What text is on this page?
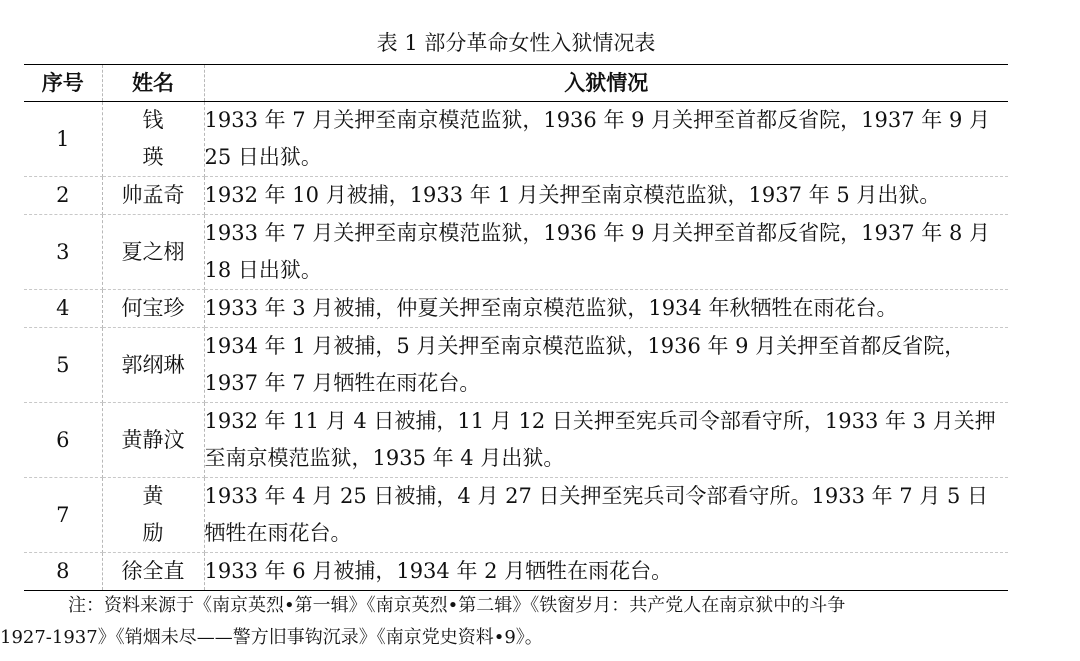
表 1 部分革命女性入狱情况表
序号	姓名	入狱情况
1	钱瑛	1933 年 7 月关押至南京模范监狱，1936 年 9 月关押至首都反省院，1937 年 9 月 25 日出狱。
2	帅孟奇	1932 年 10 月被捕，1933 年 1 月关押至南京模范监狱，1937 年 5 月出狱。
3	夏之栩	1933 年 7 月关押至南京模范监狱，1936 年 9 月关押至首都反省院，1937 年 8 月 18 日出狱。
4	何宝珍	1933 年 3 月被捕，仲夏关押至南京模范监狱，1934 年秋牺牲在雨花台。
5	郭纲琳	1934 年 1 月被捕，5 月关押至南京模范监狱，1936 年 9 月关押至首都反省院，1937 年 7 月牺牲在雨花台。
6	黄静汶	1932 年 11 月 4 日被捕，11 月 12 日关押至宪兵司令部看守所，1933 年 3 月关押至南京模范监狱，1935 年 4 月出狱。
7	黄励	1933 年 4 月 25 日被捕，4 月 27 日关押至宪兵司令部看守所。1933 年 7 月 5 日牺牲在雨花台。
8	徐全直	1933 年 6 月被捕，1934 年 2 月牺牲在雨花台。
注：资料来源于《南京英烈•第一辑》《南京英烈•第二辑》《铁窗岁月：共产党人在南京狱中的斗争
1927-1937》《销烟未尽——警方旧事钩沉录》《南京党史资料•9》。
